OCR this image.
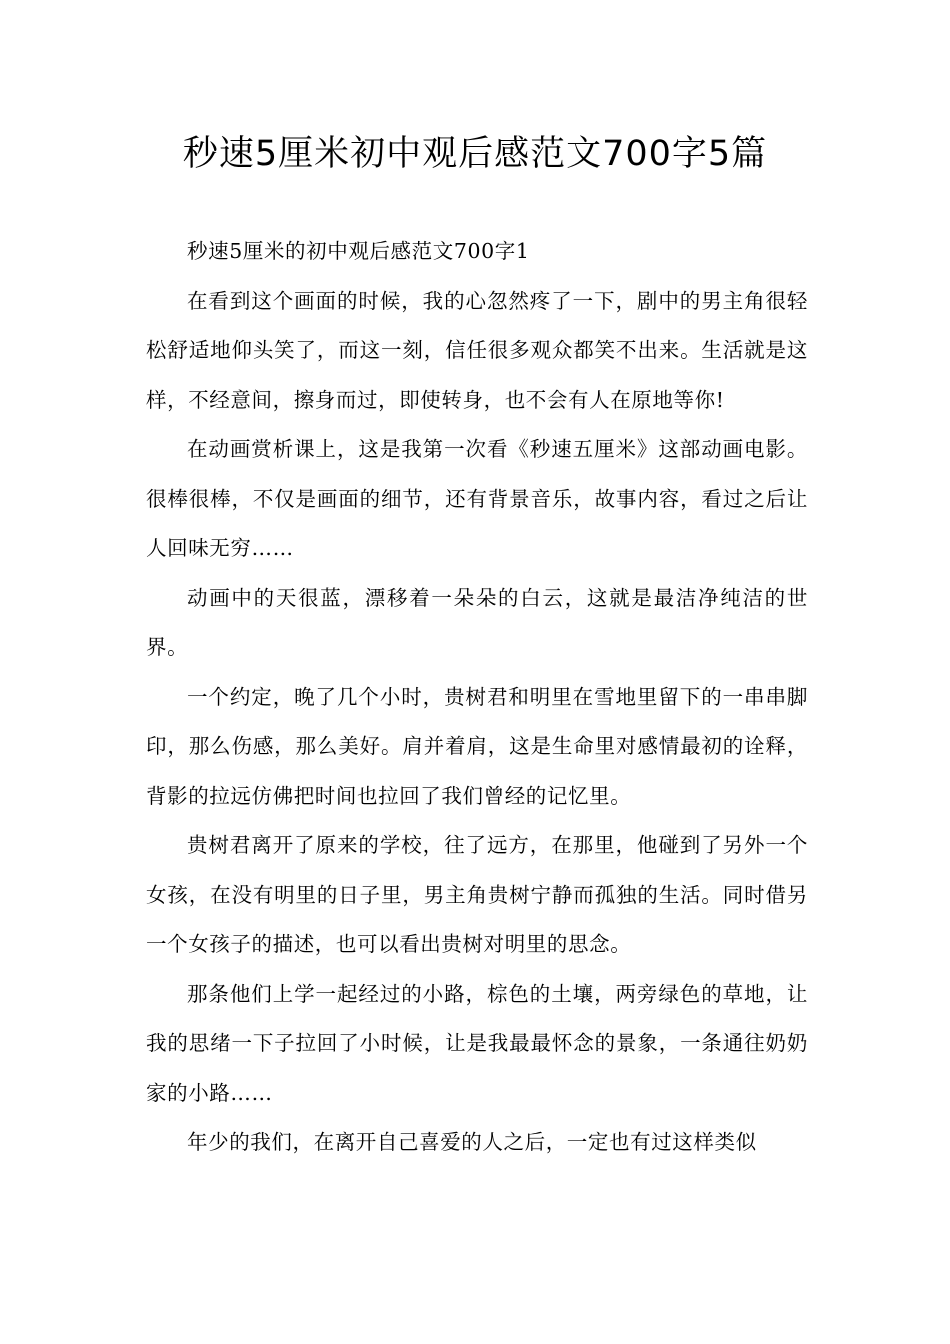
秒速5厘米初中观后感范文700字5篇

秒速5厘米的初中观后感范文700字1

在看到这个画面的时候，我的心忽然疼了一下，剧中的男主角很轻松舒适地仰头笑了，而这一刻，信任很多观众都笑不出来。生活就是这样，不经意间，擦身而过，即使转身，也不会有人在原地等你!

在动画赏析课上，这是我第一次看《秒速五厘米》这部动画电影。很棒很棒，不仅是画面的细节，还有背景音乐，故事内容，看过之后让人回味无穷……

动画中的天很蓝，漂移着一朵朵的白云，这就是最洁净纯洁的世界。

一个约定，晚了几个小时，贵树君和明里在雪地里留下的一串串脚印，那么伤感，那么美好。肩并着肩，这是生命里对感情最初的诠释，背影的拉远仿佛把时间也拉回了我们曾经的记忆里。

贵树君离开了原来的学校，往了远方，在那里，他碰到了另外一个女孩，在没有明里的日子里，男主角贵树宁静而孤独的生活。同时借另一个女孩子的描述，也可以看出贵树对明里的思念。

那条他们上学一起经过的小路，棕色的土壤，两旁绿色的草地，让我的思绪一下子拉回了小时候，让是我最最怀念的景象，一条通往奶奶家的小路……

年少的我们，在离开自己喜爱的人之后，一定也有过这样类似
